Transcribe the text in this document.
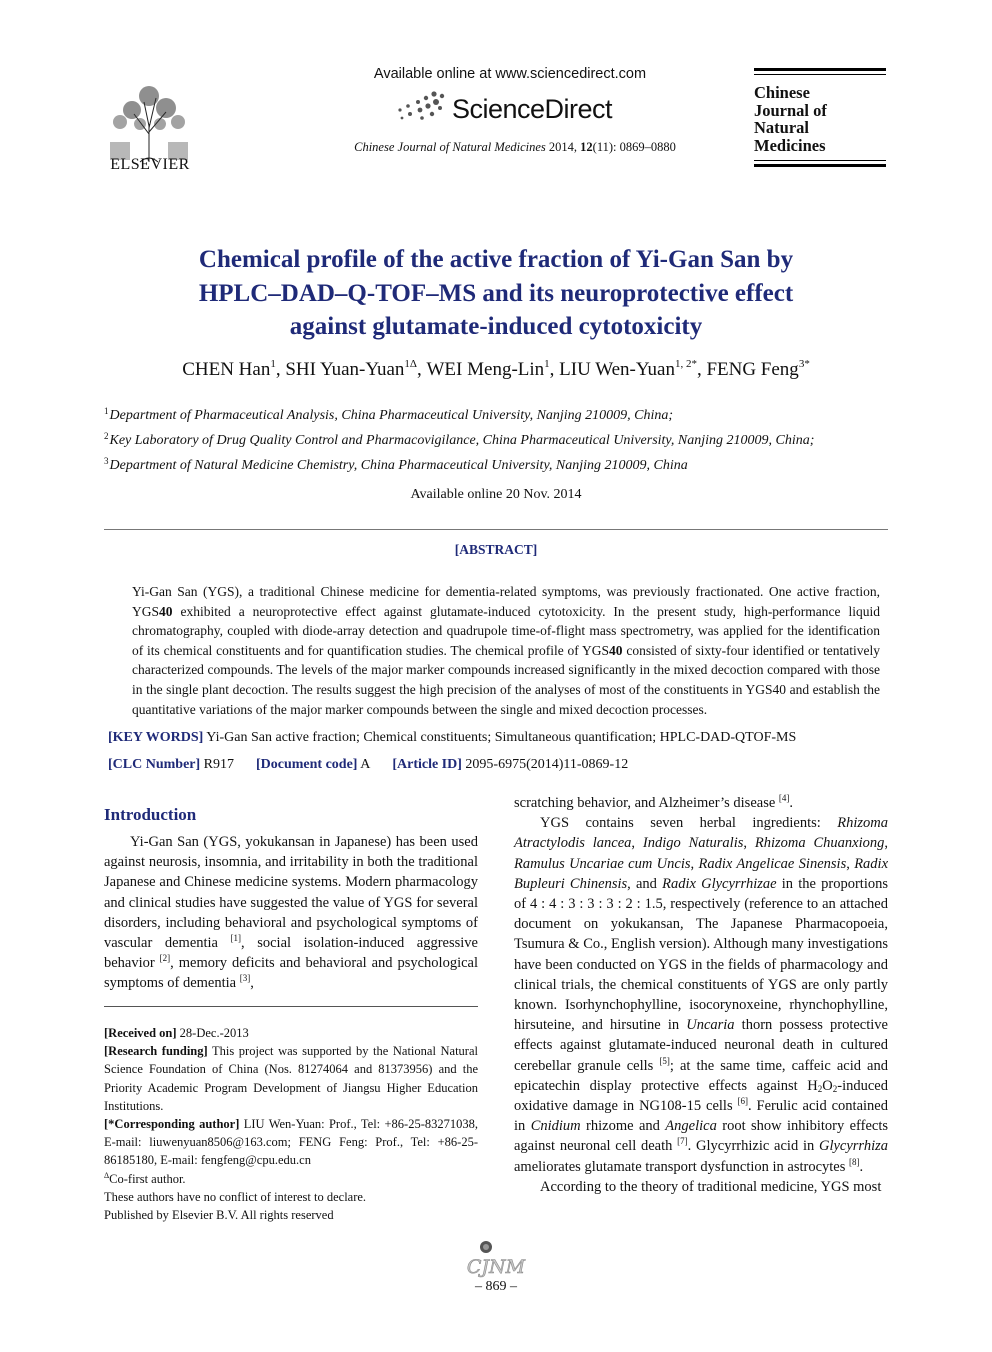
ELSEVIER
Available online at www.sciencedirect.com
ScienceDirect
Chinese Journal of Natural Medicines 2014, 12(11): 0869–0880
Chinese
Journal of
Natural
Medicines
Chemical profile of the active fraction of Yi-Gan San by
HPLC–DAD–Q-TOF–MS and its neuroprotective effect
against glutamate-induced cytotoxicity
CHEN Han$^1$, SHI Yuan-Yuan$^{1\Delta}$, WEI Meng-Lin$^1$, LIU Wen-Yuan$^{1, 2*}$, FENG Feng$^{3*}$
$^1$Department of Pharmaceutical Analysis, China Pharmaceutical University, Nanjing 210009, China;
$^2$Key Laboratory of Drug Quality Control and Pharmacovigilance, China Pharmaceutical University, Nanjing 210009, China;
$^3$Department of Natural Medicine Chemistry, China Pharmaceutical University, Nanjing 210009, China
Available online 20 Nov. 2014
[ABSTRACT]
Yi-Gan San (YGS), a traditional Chinese medicine for dementia-related symptoms, was previously fractionated. One active fraction, YGS40 exhibited a neuroprotective effect against glutamate-induced cytotoxicity. In the present study, high-performance liquid chromatography, coupled with diode-array detection and quadrupole time-of-flight mass spectrometry, was applied for the identification of its chemical constituents and for quantification studies. The chemical profile of YGS40 consisted of sixty-four identified or tentatively characterized compounds. The levels of the major marker compounds increased significantly in the mixed decoction compared with those in the single plant decoction. The results suggest the high precision of the analyses of most of the constituents in YGS40 and establish the quantitative variations of the major marker compounds between the single and mixed decoction processes.
[KEY WORDS] Yi-Gan San active fraction; Chemical constituents; Simultaneous quantification; HPLC-DAD-QTOF-MS
[CLC Number] R917 [Document code] A [Article ID] 2095-6975(2014)11-0869-12
Introduction

Yi-Gan San (YGS, yokukansan in Japanese) has been used against neurosis, insomnia, and irritability in both the traditional Japanese and Chinese medicine systems. Modern pharmacology and clinical studies have suggested the value of YGS for several disorders, including behavioral and psychological symptoms of vascular dementia [1], social isolation-induced aggressive behavior [2], memory deficits and behavioral and psychological symptoms of dementia [3],

scratching behavior, and Alzheimer’s disease [4].

YGS contains seven herbal ingredients: Rhizoma Atractylodis lancea, Indigo Naturalis, Rhizoma Chuanxiong, Ramulus Uncariae cum Uncis, Radix Angelicae Sinensis, Radix Bupleuri Chinensis, and Radix Glycyrrhizae in the proportions of 4 : 4 : 3 : 3 : 3 : 2 : 1.5, respectively (reference to an attached document on yokukansan, The Japanese Pharmacopoeia, Tsumura & Co., English version). Although many investigations have been conducted on YGS in the fields of pharmacology and clinical trials, the chemical constituents of YGS are only partly known. Isorhynchophylline, isocorynoxeine, rhynchophylline, hirsuteine, and hirsutine in Uncaria thorn possess protective effects against glutamate-induced neuronal death in cultured cerebellar granule cells [5]; at the same time, caffeic acid and epicatechin display protective effects against $H_2O_2$-induced oxidative damage in NG108-15 cells [6]. Ferulic acid contained in Cnidium rhizome and Angelica root show inhibitory effects against neuronal cell death [7]. Glycyrrhizic acid in Glycyrrhiza ameliorates glutamate transport dysfunction in astrocytes [8].

According to the theory of traditional medicine, YGS most

[Received on] 28-Dec.-2013

[Research funding] This project was supported by the National Natural Science Foundation of China (Nos. 81274064 and 81373956) and the Priority Academic Program Development of Jiangsu Higher Education Institutions.

[*Corresponding author] LIU Wen-Yuan: Prof., Tel: +86-25-83271038, E-mail: liuwenyuan8506@163.com; FENG Feng: Prof., Tel: +86-25- 86185180, E-mail: fengfeng@cpu.edu.cn

$^\Delta$Co-first author.

These authors have no conflict of interest to declare.

Published by Elsevier B.V. All rights reserved

CJNM
– 869 –
